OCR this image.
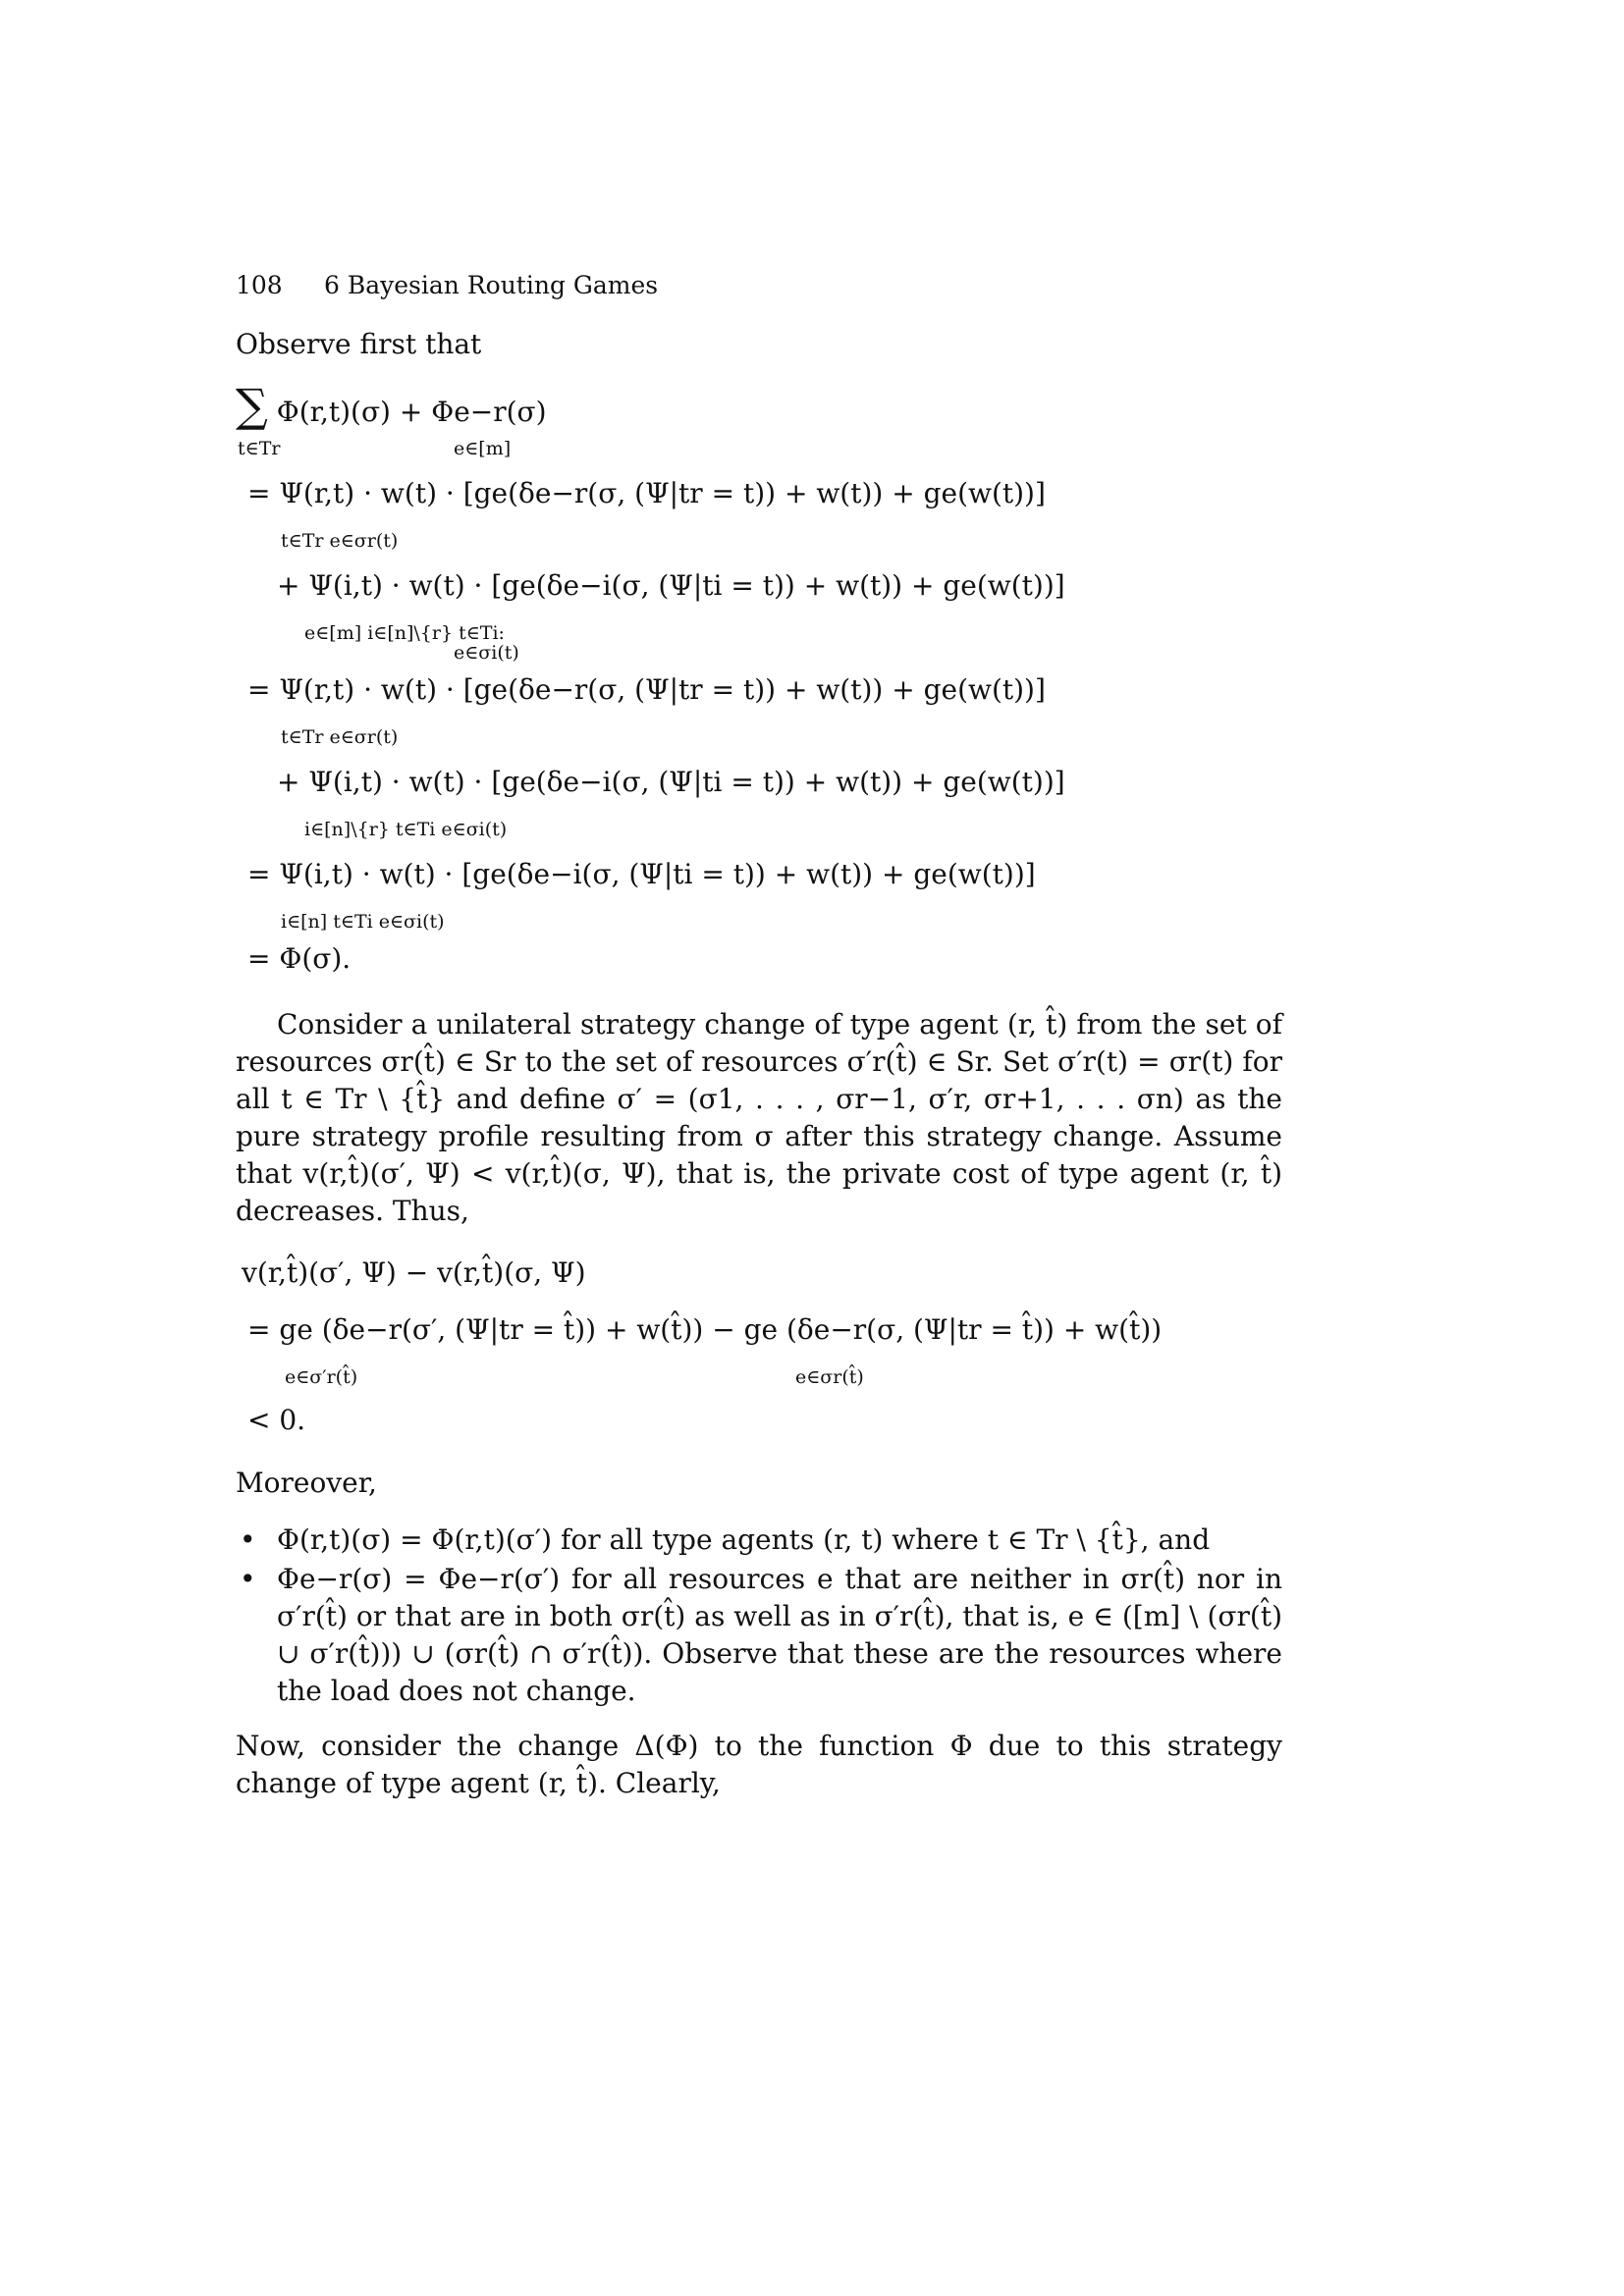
108 6 Bayesian Routing Games
Observe first that
∑ Φ(r,t)(σ) + Φe−r(σ)
t∈Tr	e∈[m]
= Ψ(r,t) · w(t) · [ge(δe−r(σ, (Ψ|tr = t)) + w(t)) + ge(w(t))]
t∈Tr e∈σr(t)
+ Ψ(i,t) · w(t) · [ge(δe−i(σ, (Ψ|ti = t)) + w(t)) + ge(w(t))]
e∈[m] i∈[n]\{r} t∈Ti:
e∈σi(t)
= Ψ(r,t) · w(t) · [ge(δe−r(σ, (Ψ|tr = t)) + w(t)) + ge(w(t))]
t∈Tr e∈σr(t)
+ Ψ(i,t) · w(t) · [ge(δe−i(σ, (Ψ|ti = t)) + w(t)) + ge(w(t))]
i∈[n]\{r} t∈Ti e∈σi(t)
= Ψ(i,t) · w(t) · [ge(δe−i(σ, (Ψ|ti = t)) + w(t)) + ge(w(t))]
i∈[n] t∈Ti e∈σi(t)
= Φ(σ).
Consider a unilateral strategy change of type agent (r, t̂) from the set of resources σr(t̂) ∈ Sr to the set of resources σ′r(t̂) ∈ Sr. Set σ′r(t) = σr(t) for all t ∈ Tr \ {t̂} and define σ′ = (σ1, . . . , σr−1, σ′r, σr+1, . . . σn) as the pure strategy profile resulting from σ after this strategy change. Assume that v(r,t̂)(σ′, Ψ) < v(r,t̂)(σ, Ψ), that is, the private cost of type agent (r, t̂) decreases. Thus,
v(r,t̂)(σ′, Ψ) − v(r,t̂)(σ, Ψ)
= ge (δe−r(σ′, (Ψ|tr = t̂)) + w(t̂)) − ge (δe−r(σ, (Ψ|tr = t̂)) + w(t̂))
e∈σ′r(t̂)	e∈σr(t̂)
< 0.
Moreover,
• Φ(r,t)(σ) = Φ(r,t)(σ′) for all type agents (r, t) where t ∈ Tr \ {t̂}, and
• Φe−r(σ) = Φe−r(σ′) for all resources e that are neither in σr(t̂) nor in σ′r(t̂) or that are in both σr(t̂) as well as in σ′r(t̂), that is, e ∈ ([m] \ (σr(t̂) ∪ σ′r(t̂))) ∪ (σr(t̂) ∩ σ′r(t̂)). Observe that these are the resources where the load does not change.
Now, consider the change Δ(Φ) to the function Φ due to this strategy change of type agent (r, t̂). Clearly,
